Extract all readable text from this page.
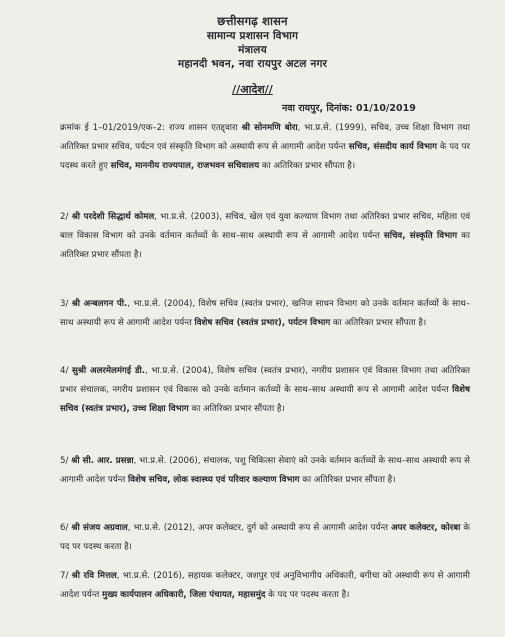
छत्तीसगढ़ शासन
सामान्य प्रशासन विभाग
मंत्रालय
महानदी भवन, नवा रायपुर अटल नगर
//आदेश//
नवा रायपुर, दिनांक: 01/10/2019
क्रमांक ई 1–01/2019/एक–2: राज्य शासन एतद्द्वारा श्री सोनमणि बोरा, भा.प्र.से. (1999), सचिव, उच्च शिक्षा विभाग तथा अतिरिक्त प्रभार सचिव, पर्यटन एवं संस्कृति विभाग को अस्थायी रूप से आगामी आदेश पर्यन्त सचिव, संसदीय कार्य विभाग के पद पर पदस्थ करते हुए सचिव, माननीय राज्यपाल, राजभवन सचिवालय का अतिरिक्त प्रभार सौंपता है।
2/ श्री परदेशी सिद्धार्थ कोमल, भा.प्र.से. (2003), सचिव, खेल एवं युवा कल्याण विभाग तथा अतिरिक्त प्रभार सचिव, महिला एवं बाल विकास विभाग को उनके वर्तमान कर्तव्यों के साथ–साथ अस्थायी रूप से आगामी आदेश पर्यन्त सचिव, संस्कृति विभाग का अतिरिक्त प्रभार सौंपता है।
3/ श्री अन्बलगन पी., भा.प्र.से. (2004), विशेष सचिव (स्वतंत्र प्रभार), खनिज साधन विभाग को उनके वर्तमान कर्तव्यों के साथ–साथ अस्थायी रूप से आगामी आदेश पर्यन्त विशेष सचिव (स्वतंत्र प्रभार), पर्यटन विभाग का अतिरिक्त प्रभार सौंपता है।
4/ सुश्री अलरमेलमंगई डी., भा.प्र.से. (2004), विशेष सचिव (स्वतंत्र प्रभार), नगरीय प्रशासन एवं विकास विभाग तथा अतिरिक्त प्रभार संचालक, नगरीय प्रशासन एवं विकास को उनके वर्तमान कर्तव्यों के साथ–साथ अस्थायी रूप से आगामी आदेश पर्यन्त विशेष सचिव (स्वतंत्र प्रभार), उच्च शिक्षा विभाग का अतिरिक्त प्रभार सौंपता है।
5/ श्री सी. आर. प्रसन्ना, भा.प्र.से. (2006), संचालक, पशु चिकित्सा सेवाएं को उनके वर्तमान कर्तव्यों के साथ–साथ अस्थायी रूप से आगामी आदेश पर्यन्त विशेष सचिव, लोक स्वास्थ्य एवं परिवार कल्याण विभाग का अतिरिक्त प्रभार सौंपता है।
6/ श्री संजय अग्रवाल, भा.प्र.से. (2012), अपर कलेक्टर, दुर्ग को अस्थायी रूप से आगामी आदेश पर्यन्त अपर कलेक्टर, कोरबा के पद पर पदस्थ करता है।
7/ श्री रवि मित्तल, भा.प्र.से. (2016), सहायक कलेक्टर, जशपुर एवं अनुविभागीय अधिकारी, बगीचा को अस्थायी रूप से आगामी आदेश पर्यन्त मुख्य कार्यपालन अधिकारी, जिला पंचायत, महासमुंद के पद पर पदस्थ करता है।
